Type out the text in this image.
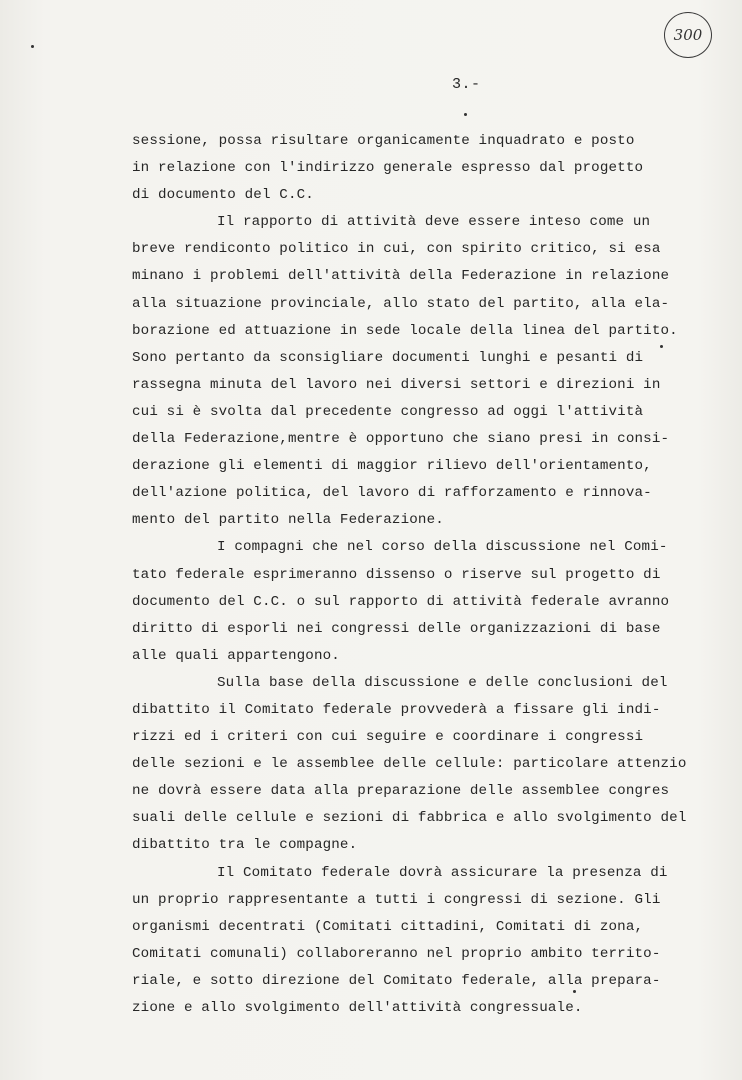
300
3.-
sessione, possa risultare organicamente inquadrato e posto
in relazione con l'indirizzo generale espresso dal progetto
di documento del C.C.
Il rapporto di attività deve essere inteso come un
breve rendiconto politico in cui, con spirito critico, si esa
minano i problemi dell'attività della Federazione in relazione
alla situazione provinciale, allo stato del partito, alla ela-
borazione ed attuazione in sede locale della linea del partito.
Sono pertanto da sconsigliare documenti lunghi e pesanti di
rassegna minuta del lavoro nei diversi settori e direzioni in
cui si è svolta dal precedente congresso ad oggi l'attività
della Federazione,mentre è opportuno che siano presi in consi-
derazione gli elementi di maggior rilievo dell'orientamento,
dell'azione politica, del lavoro di rafforzamento e rinnova-
mento del partito nella Federazione.
I compagni che nel corso della discussione nel Comi-
tato federale esprimeranno dissenso o riserve sul progetto di
documento del C.C. o sul rapporto di attività federale avranno
diritto di esporli nei congressi delle organizzazioni di base
alle quali appartengono.
Sulla base della discussione e delle conclusioni del
dibattito il Comitato federale provvederà a fissare gli indi-
rizzi ed i criteri con cui seguire e coordinare i congressi
delle sezioni e le assemblee delle cellule: particolare attenzio
ne dovrà essere data alla preparazione delle assemblee congres
suali delle cellule e sezioni di fabbrica e allo svolgimento del
dibattito tra le compagne.
Il Comitato federale dovrà assicurare la presenza di
un proprio rappresentante a tutti i congressi di sezione. Gli
organismi decentrati (Comitati cittadini, Comitati di zona,
Comitati comunali) collaboreranno nel proprio ambito territo-
riale, e sotto direzione del Comitato federale, alla prepara-
zione e allo svolgimento dell'attività congressuale.
